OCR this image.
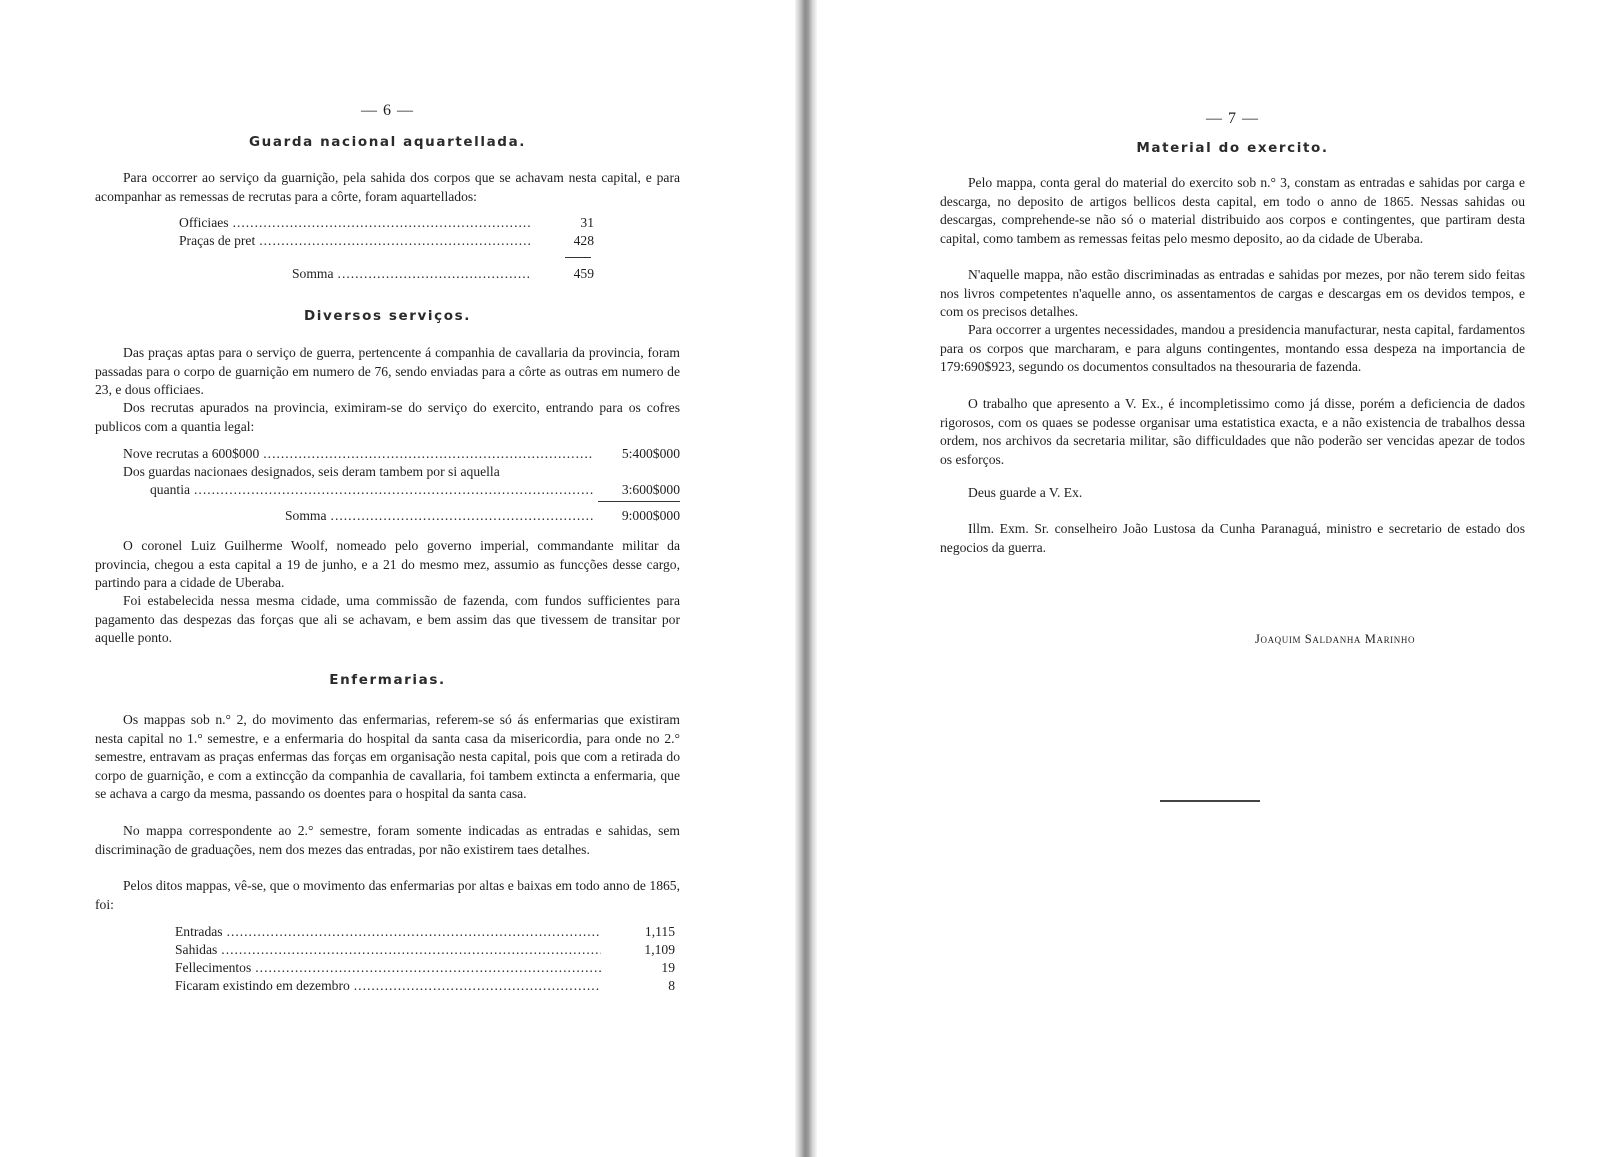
— 6 —
Guarda nacional aquartellada.

Para occorrer ao serviço da guarnição, pela sahida dos corpos que se achavam nesta capital, e para acompanhar as remessas de recrutas para a côrte, foram aquartellados:

Officiaes .....	31
Praças de pret .....	428
Somma .....	459
Diversos serviços.

Das praças aptas para o serviço de guerra, pertencente á companhia de cavallaria da provincia, foram passadas para o corpo de guarnição em numero de 76, sendo enviadas para a côrte as outras em numero de 23, e dous officiaes.

Dos recrutas apurados na provincia, eximiram-se do serviço do exercito, entrando para os cofres publicos com a quantia legal:

Nove recrutas a 600$000 .....	5:400$000
Dos guardas nacionaes designados, seis deram tambem por si aquella
quantia .....	3:600$000
Somma .....	9:000$000

O coronel Luiz Guilherme Woolf, nomeado pelo governo imperial, commandante militar da provincia, chegou a esta capital a 19 de junho, e a 21 do mesmo mez, assumio as funcções desse cargo, partindo para a cidade de Uberaba.

Foi estabelecida nessa mesma cidade, uma commissão de fazenda, com fundos sufficientes para pagamento das despezas das forças que ali se achavam, e bem assim das que tivessem de transitar por aquelle ponto.

Enfermarias.

Os mappas sob n.° 2, do movimento das enfermarias, referem-se só ás enfermarias que existiram nesta capital no 1.° semestre, e a enfermaria do hospital da santa casa da misericordia, para onde no 2.° semestre, entravam as praças enfermas das forças em organisação nesta capital, pois que com a retirada do corpo de guarnição, e com a extincção da companhia de cavallaria, foi tambem extincta a enfermaria, que se achava a cargo da mesma, passando os doentes para o hospital da santa casa.

No mappa correspondente ao 2.° semestre, foram somente indicadas as entradas e sahidas, sem discriminação de graduações, nem dos mezes das entradas, por não existirem taes detalhes.

Pelos ditos mappas, vê-se, que o movimento das enfermarias por altas e baixas em todo anno de 1865, foi:

Entradas .....	1,115
Sahidas .....	1,109
Fellecimentos .....	19
Ficaram existindo em dezembro .....	8
— 7 —
Material do exercito.

Pelo mappa, conta geral do material do exercito sob n.° 3, constam as entradas e sahidas por carga e descarga, no deposito de artigos bellicos desta capital, em todo o anno de 1865. Nessas sahidas ou descargas, comprehende-se não só o material distribuido aos corpos e contingentes, que partiram desta capital, como tambem as remessas feitas pelo mesmo deposito, ao da cidade de Uberaba.

N'aquelle mappa, não estão discriminadas as entradas e sahidas por mezes, por não terem sido feitas nos livros competentes n'aquelle anno, os assentamentos de cargas e descargas em os devidos tempos, e com os precisos detalhes.

Para occorrer a urgentes necessidades, mandou a presidencia manufacturar, nesta capital, fardamentos para os corpos que marcharam, e para alguns contingentes, montando essa despeza na importancia de 179:690$923, segundo os documentos consultados na thesouraria de fazenda.

O trabalho que apresento a V. Ex., é incompletissimo como já disse, porém a deficiencia de dados rigorosos, com os quaes se podesse organisar uma estatistica exacta, e a não existencia de trabalhos dessa ordem, nos archivos da secretaria militar, são difficuldades que não poderão ser vencidas apezar de todos os esforços.

Deus guarde a V. Ex.

Illm. Exm. Sr. conselheiro João Lustosa da Cunha Paranaguá, ministro e secretario de estado dos negocios da guerra.

Joaquim Saldanha Marinho
